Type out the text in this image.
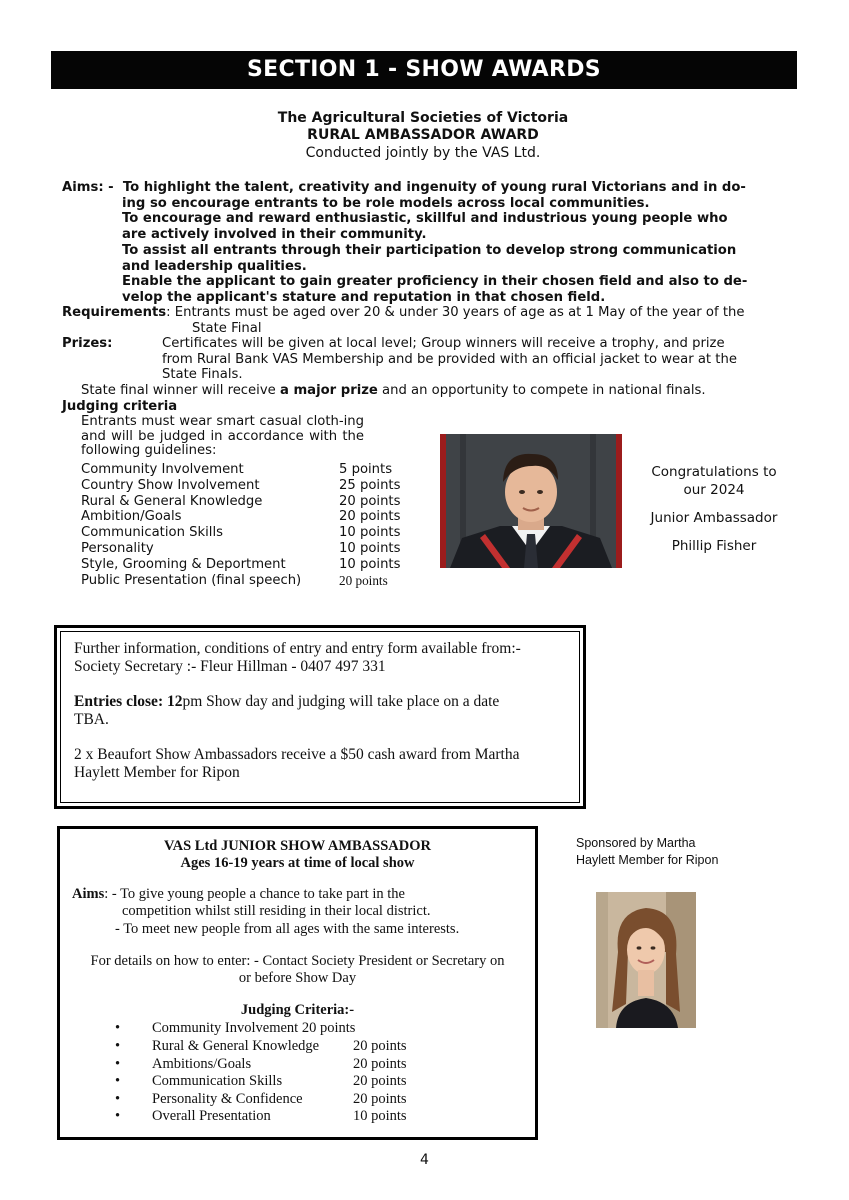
SECTION 1 - SHOW AWARDS
The Agricultural Societies of Victoria
RURAL AMBASSADOR AWARD
Conducted jointly by the VAS Ltd.
Aims: - To highlight the talent, creativity and ingenuity of young rural Victorians and in do-
ing so encourage entrants to be role models across local communities.
To encourage and reward enthusiastic, skillful and industrious young people who
are actively involved in their community.
To assist all entrants through their participation to develop strong communication
and leadership qualities.
Enable the applicant to gain greater proficiency in their chosen field and also to de-
velop the applicant's stature and reputation in that chosen field.
Requirements: Entrants must be aged over 20 & under 30 years of age as at 1 May of the year of the
State Final
Prizes:	Certificates will be given at local level; Group winners will receive a trophy, and prize
from Rural Bank VAS Membership and be provided with an official jacket to wear at the
State Finals.
State final winner will receive a major prize and an opportunity to compete in national finals.
Judging criteria
Entrants must wear smart casual cloth-ing and will be judged in accordance with the following guidelines:
Community Involvement	5 points
Country Show Involvement	25 points
Rural & General Knowledge	20 points
Ambition/Goals	20 points
Communication Skills	10 points
Personality	10 points
Style, Grooming & Deportment	10 points
Public Presentation (final speech)	20 points
Congratulations to
our 2024
Junior Ambassador
Phillip Fisher
Further information, conditions of entry and entry form available from:-
Society Secretary :- Fleur Hillman - 0407 497 331
Entries close: 12pm Show day and judging will take place on a date
TBA.
2 x Beaufort Show Ambassadors receive a $50 cash award from Martha
Haylett Member for Ripon
VAS Ltd JUNIOR SHOW AMBASSADOR
Ages 16-19 years at time of local show
Aims: - To give young people a chance to take part in the
competition whilst still residing in their local district.
- To meet new people from all ages with the same interests.
For details on how to enter: - Contact Society President or Secretary on
or before Show Day
Judging Criteria:-
• Community Involvement 20 points
• Rural & General Knowledge 20 points
• Ambitions/Goals	20 points
• Communication Skills	20 points
• Personality & Confidence	20 points
• Overall Presentation	10 points
Sponsored by Martha
Haylett Member for Ripon
4
